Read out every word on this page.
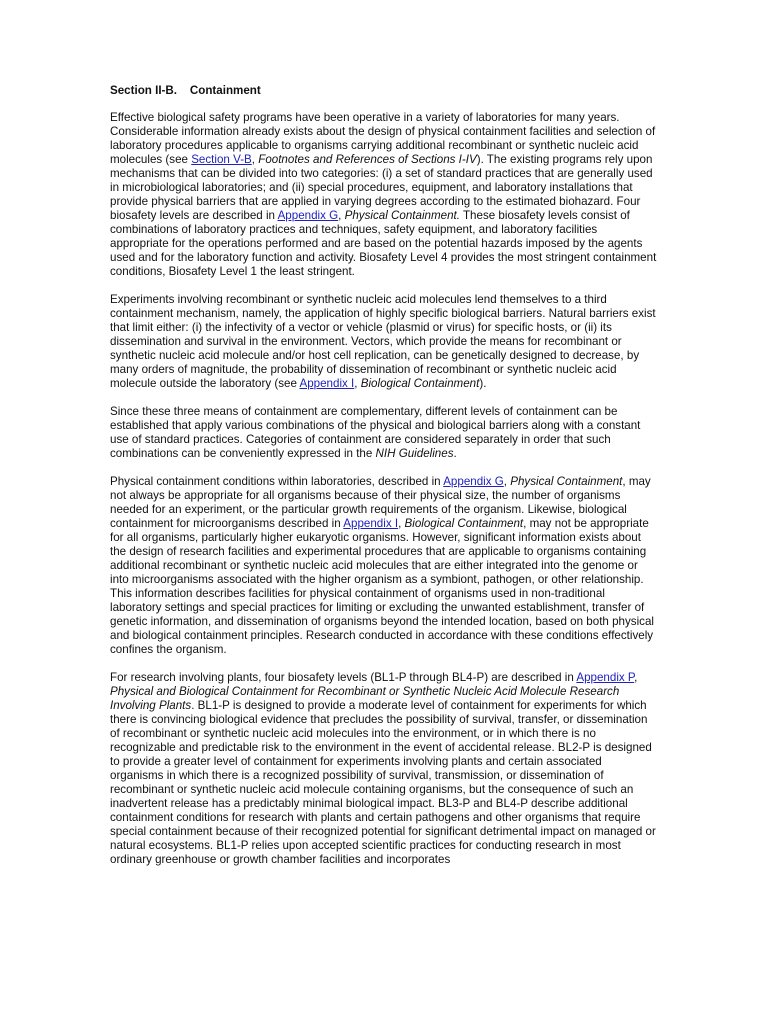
Section II-B.    Containment

Effective biological safety programs have been operative in a variety of laboratories for many years. Considerable information already exists about the design of physical containment facilities and selection of laboratory procedures applicable to organisms carrying additional recombinant or synthetic nucleic acid molecules (see Section V-B, Footnotes and References of Sections I-IV). The existing programs rely upon mechanisms that can be divided into two categories: (i) a set of standard practices that are generally used in microbiological laboratories; and (ii) special procedures, equipment, and laboratory installations that provide physical barriers that are applied in varying degrees according to the estimated biohazard. Four biosafety levels are described in Appendix G, Physical Containment. These biosafety levels consist of combinations of laboratory practices and techniques, safety equipment, and laboratory facilities appropriate for the operations performed and are based on the potential hazards imposed by the agents used and for the laboratory function and activity. Biosafety Level 4 provides the most stringent containment conditions, Biosafety Level 1 the least stringent.

Experiments involving recombinant or synthetic nucleic acid molecules lend themselves to a third containment mechanism, namely, the application of highly specific biological barriers. Natural barriers exist that limit either: (i) the infectivity of a vector or vehicle (plasmid or virus) for specific hosts, or (ii) its dissemination and survival in the environment. Vectors, which provide the means for recombinant or synthetic nucleic acid molecule and/or host cell replication, can be genetically designed to decrease, by many orders of magnitude, the probability of dissemination of recombinant or synthetic nucleic acid molecule outside the laboratory (see Appendix I, Biological Containment).

Since these three means of containment are complementary, different levels of containment can be established that apply various combinations of the physical and biological barriers along with a constant use of standard practices. Categories of containment are considered separately in order that such combinations can be conveniently expressed in the NIH Guidelines.

Physical containment conditions within laboratories, described in Appendix G, Physical Containment, may not always be appropriate for all organisms because of their physical size, the number of organisms needed for an experiment, or the particular growth requirements of the organism. Likewise, biological containment for microorganisms described in Appendix I, Biological Containment, may not be appropriate for all organisms, particularly higher eukaryotic organisms. However, significant information exists about the design of research facilities and experimental procedures that are applicable to organisms containing additional recombinant or synthetic nucleic acid molecules that are either integrated into the genome or into microorganisms associated with the higher organism as a symbiont, pathogen, or other relationship. This information describes facilities for physical containment of organisms used in non-traditional laboratory settings and special practices for limiting or excluding the unwanted establishment, transfer of genetic information, and dissemination of organisms beyond the intended location, based on both physical and biological containment principles. Research conducted in accordance with these conditions effectively confines the organism.

For research involving plants, four biosafety levels (BL1-P through BL4-P) are described in Appendix P, Physical and Biological Containment for Recombinant or Synthetic Nucleic Acid Molecule Research Involving Plants. BL1-P is designed to provide a moderate level of containment for experiments for which there is convincing biological evidence that precludes the possibility of survival, transfer, or dissemination of recombinant or synthetic nucleic acid molecules into the environment, or in which there is no recognizable and predictable risk to the environment in the event of accidental release. BL2-P is designed to provide a greater level of containment for experiments involving plants and certain associated organisms in which there is a recognized possibility of survival, transmission, or dissemination of recombinant or synthetic nucleic acid molecule containing organisms, but the consequence of such an inadvertent release has a predictably minimal biological impact. BL3-P and BL4-P describe additional containment conditions for research with plants and certain pathogens and other organisms that require special containment because of their recognized potential for significant detrimental impact on managed or natural ecosystems. BL1-P relies upon accepted scientific practices for conducting research in most ordinary greenhouse or growth chamber facilities and incorporates
